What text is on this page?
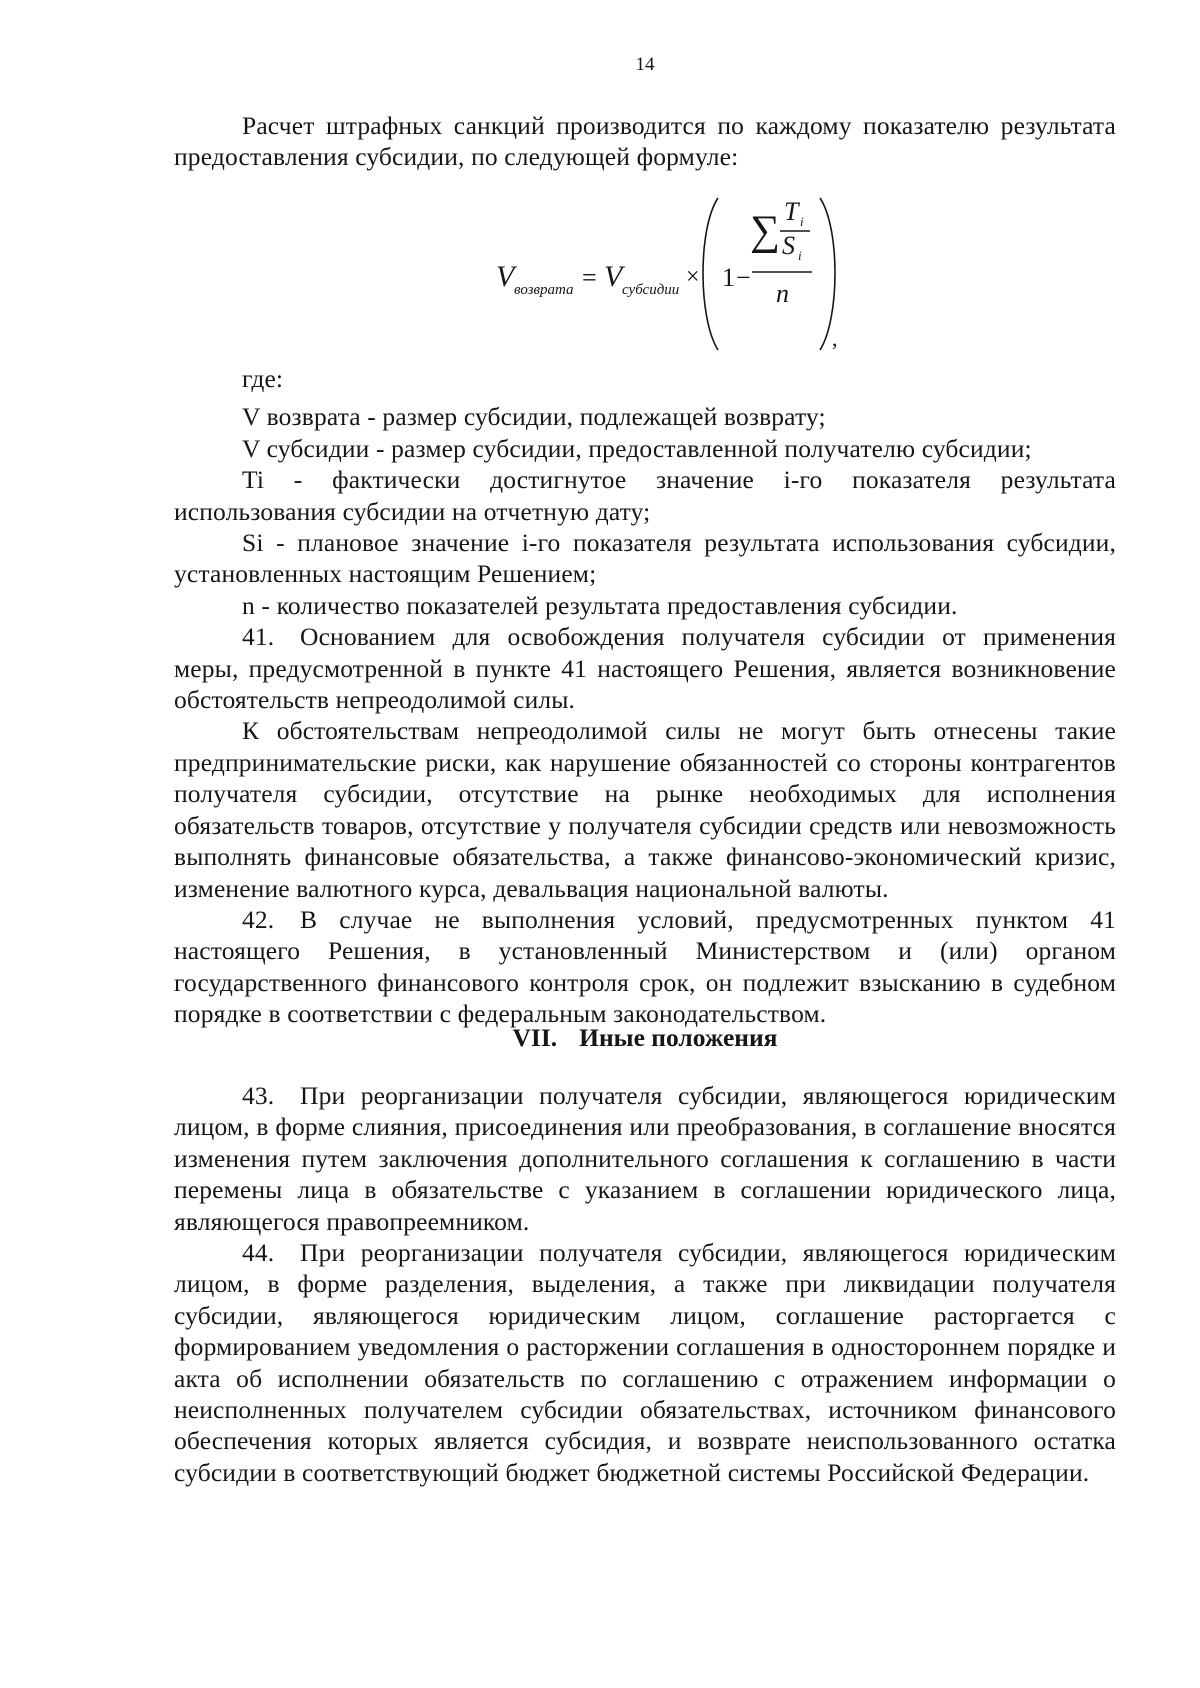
14

Расчет штрафных санкций производится по каждому показателю результата предоставления субсидии, по следующей формуле:

V возврата = V субсидии × 1 −
∑ T i
S i
n
,

где:

V возврата - размер субсидии, подлежащей возврату;

V субсидии - размер субсидии, предоставленной получателю субсидии;

Ti - фактически достигнутое значение i-го показателя результата использования субсидии на отчетную дату;

Si - плановое значение i-го показателя результата использования субсидии, установленных настоящим Решением;

n - количество показателей результата предоставления субсидии.

41. Основанием для освобождения получателя субсидии от применения меры, предусмотренной в пункте 41 настоящего Решения, является возникновение обстоятельств непреодолимой силы.

К обстоятельствам непреодолимой силы не могут быть отнесены такие предпринимательские риски, как нарушение обязанностей со стороны контрагентов получателя субсидии, отсутствие на рынке необходимых для исполнения обязательств товаров, отсутствие у получателя субсидии средств или невозможность выполнять финансовые обязательства, а также финансово-экономический кризис, изменение валютного курса, девальвация национальной валюты.

42. В случае не выполнения условий, предусмотренных пунктом 41 настоящего Решения, в установленный Министерством и (или) органом государственного финансового контроля срок, он подлежит взысканию в судебном порядке в соответствии с федеральным законодательством.

VII. Иные положения

43. При реорганизации получателя субсидии, являющегося юридическим лицом, в форме слияния, присоединения или преобразования, в соглашение вносятся изменения путем заключения дополнительного соглашения к соглашению в части перемены лица в обязательстве с указанием в соглашении юридического лица, являющегося правопреемником.

44. При реорганизации получателя субсидии, являющегося юридическим лицом, в форме разделения, выделения, а также при ликвидации получателя субсидии, являющегося юридическим лицом, соглашение расторгается с формированием уведомления о расторжении соглашения в одностороннем порядке и акта об исполнении обязательств по соглашению с отражением информации о неисполненных получателем субсидии обязательствах, источником финансового обеспечения которых является субсидия, и возврате неиспользованного остатка субсидии в соответствующий бюджет бюджетной системы Российской Федерации.
